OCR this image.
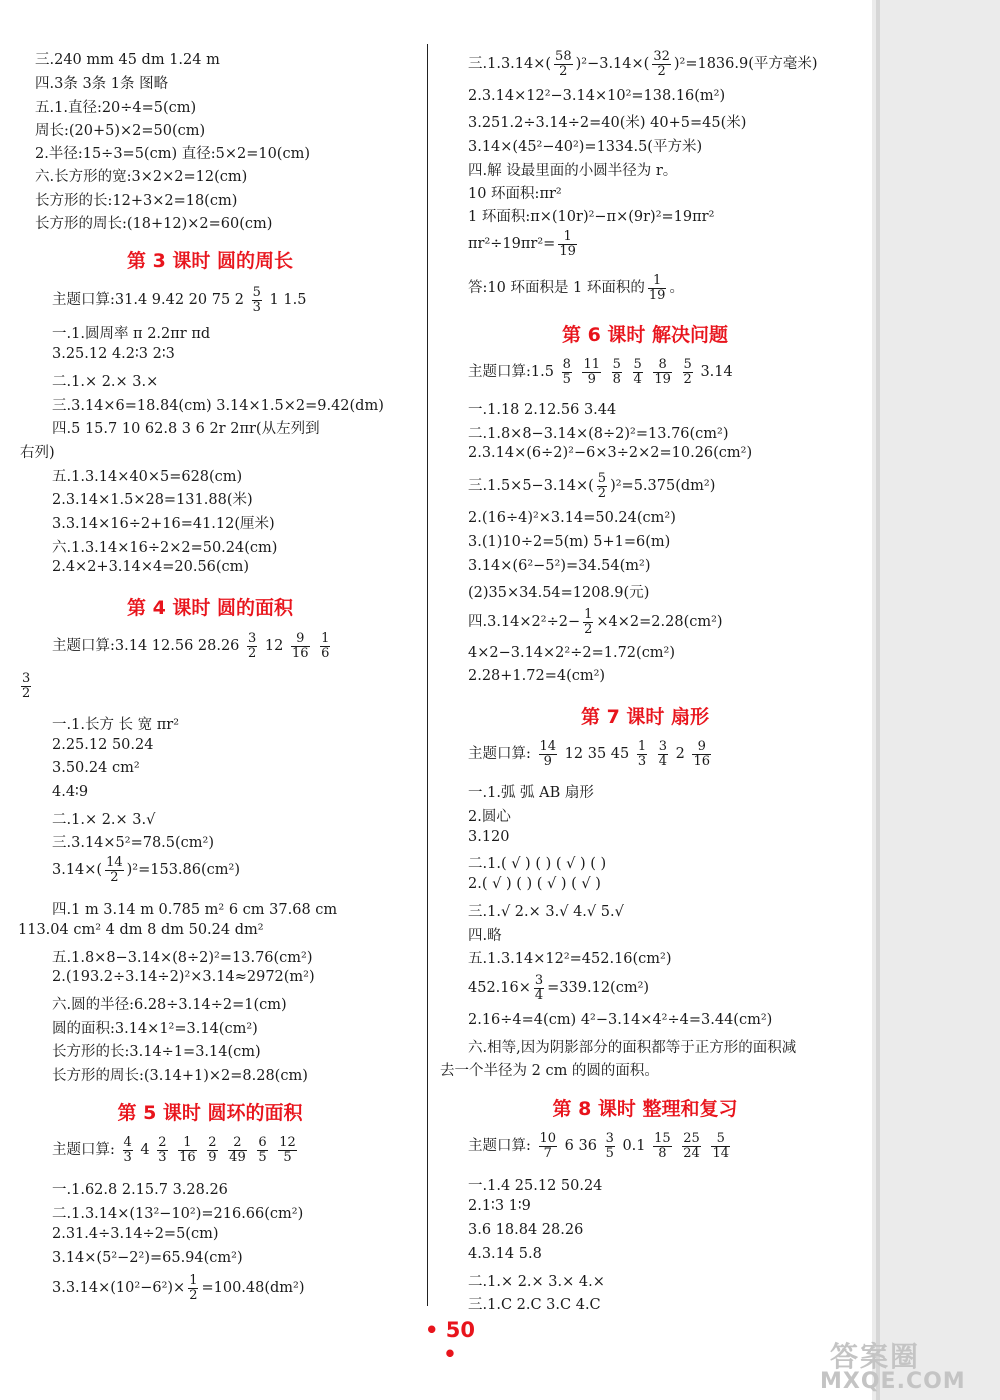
三.240 mm 45 dm 1.24 m
四.3条 3条 1条 图略
五.1.直径:20÷4=5(cm)
周长:(20+5)×2=50(cm)
2.半径:15÷3=5(cm) 直径:5×2=10(cm)
六.长方形的宽:3×2×2=12(cm)
长方形的长:12+3×2=18(cm)
长方形的周长:(18+12)×2=60(cm)
第 3 课时 圆的周长
主题口算:31.4 9.42 20 75 $2 \frac{5}{3} 1$ 1.5
一.1.圆周率 π 2.2πr πd
3.25.12 4.2∶3 2∶3
二.1.× 2.× 3.×
三.3.14×6=18.84(cm) 3.14×1.5×2=9.42(dm)
四.5 15.7 10 62.8 3 6 2r 2πr(从左列到
右列)
五.1.3.14×40×5=628(cm)
2.3.14×1.5×28=131.88(米)
3.3.14×16÷2+16=41.12(厘米)
六.1.3.14×16÷2×2=50.24(cm)
2.4×2+3.14×4=20.56(cm)
第 4 课时 圆的面积
主题口算:3.14 12.56 $28.26 \frac{3}{2} 12 \frac{9}{16}$
$\frac{1}{6}$
$\frac{3}{2}$
一.1.长方 长 宽 πr²
2.25.12 50.24
3.50.24 cm²
4.4∶9
二.1.× 2.× 3.√
三.3.14×5²=78.5(cm²)
$3.14\times( \frac{14}{2} )^2=153.86(cm^2)$
四.1 m 3.14 m 0.785 m² 6 cm 37.68 cm
113.04 cm² 4 dm 8 dm 50.24 dm²
五.1.8×8−3.14×(8÷2)²=13.76(cm²)
2.(193.2÷3.14÷2)²×3.14≈2972(m²)
六.圆的半径:6.28÷3.14÷2=1(cm)
圆的面积:3.14×1²=3.14(cm²)
长方形的长:3.14÷1=3.14(cm)
长方形的周长:(3.14+1)×2=8.28(cm)
第 5 课时 圆环的面积
主题口算: $\frac{4}{3} 4 \frac{2}{3}$
$\frac{1}{16}$
$\frac{2}{9}$
$\frac{2}{49}$
$\frac{6}{5}$
$\frac{12}{5}$
一.1.62.8 2.15.7 3.28.26
二.1.3.14×(13²−10²)=216.66(cm²)
2.31.4÷3.14÷2=5(cm)
3.14×(5²−2²)=65.94(cm²)
$3.3.14\times(10^2-6^2)\times \frac{1}{2} =100.48(dm^2)$
三$.1.3.14\times( \frac{58}{2} )^2-3.14\times( \frac{32}{2} )^2=1836.9$(平方毫米)
2.3.14×12²−3.14×10²=138.16(m²)
3.251.2÷3.14÷2=40(米) 40+5=45(米)
3.14×(45²−40²)=1334.5(平方米)
四.解 设最里面的小圆半径为 r。
10 环面积:πr²
1 环面积:π×(10r)²−π×(9r)²=19πr²
$\pi r^2\div 19\pi r^2= \frac{1}{19}$
答:10 环面积是 1 环面积的 $\frac{1}{19}$ 。
第 6 课时 解决问题
主题口算:1.5 $\frac{8}{5}$
$\frac{11}{9}$
$\frac{5}{8}$
$\frac{5}{4}$
$\frac{8}{19}$
$\frac{5}{2} 3.14$
一.1.18 2.12.56 3.44
二.1.8×8−3.14×(8÷2)²=13.76(cm²)
2.3.14×(6÷2)²−6×3÷2×2=10.26(cm²)
三$.1.5\times 5-3.14\times( \frac{5}{2} )^2=5.375(dm^2)$
2.(16÷4)²×3.14=50.24(cm²)
3.(1)10÷2=5(m) 5+1=6(m)
3.14×(6²−5²)=34.54(m²)
(2)35×34.54=1208.9(元)
四$.3.14\times 2^2\div 2- \frac{1}{2} \times 4\times 2=2.28(cm^2)$
4×2−3.14×2²÷2=1.72(cm²)
2.28+1.72=4(cm²)
第 7 课时 扇形
主题口算: $\frac{14}{9} 12$ 35 $45 \frac{1}{3}$
$\frac{3}{4} 2 \frac{9}{16}$
一.1.弧 弧 AB 扇形
2.圆心
3.120
二.1.( √ ) ( ) ( √ ) ( )
2.( √ ) ( ) ( √ ) ( √ )
三.1.√ 2.× 3.√ 4.√ 5.√
四.略
五.1.3.14×12²=452.16(cm²)
$452.16\times \frac{3}{4} =339.12(cm^2)$
2.16÷4=4(cm) 4²−3.14×4²÷4=3.44(cm²)
六.相等,因为阴影部分的面积都等于正方形的面积减
去一个半径为 2 cm 的圆的面积。
第 8 课时 整理和复习
主题口算: $\frac{10}{7} 6$ $36 \frac{3}{5} 0.1 \frac{15}{8}$
$\frac{25}{24}$
$\frac{5}{14}$
一.1.4 25.12 50.24
2.1∶3 1∶9
3.6 18.84 28.26
4.3.14 5.8
二.1.× 2.× 3.× 4.×
三.1.C 2.C 3.C 4.C
• 50 •	答案圈
MXQE.COM
